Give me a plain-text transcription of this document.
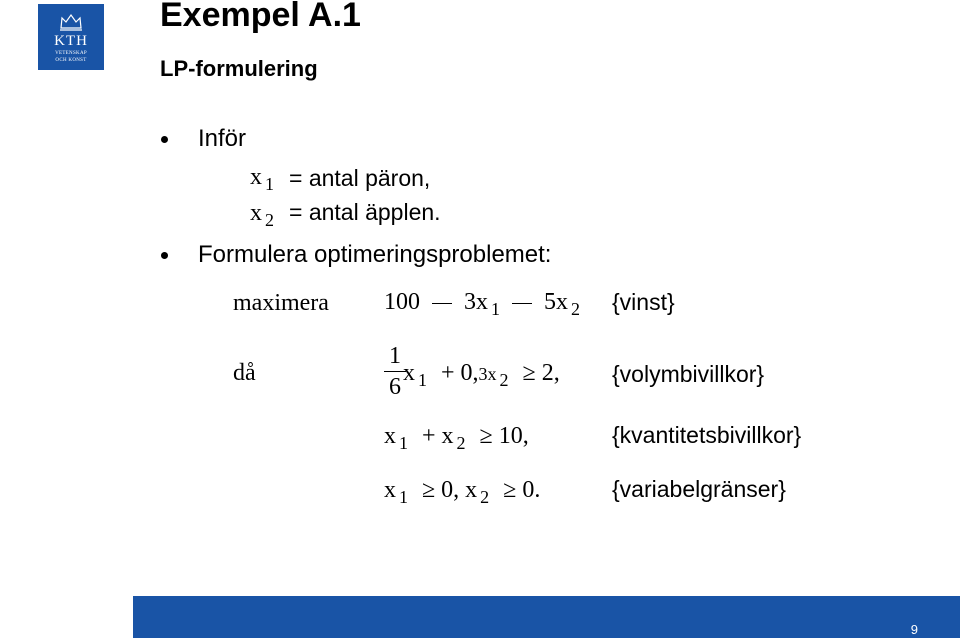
KTH
VETENSKAP
OCH KONST
Exempel A.1
LP-formulering
Inför
x $_1$ = antal päron,
x $_2$ = antal äpplen.
Formulera optimeringsproblemet:
maximera 100 3x $_1$ 5x $_2$ {vinst}
då
1
6
x $_1$ + 0,3x $_2$ ≥ 2, {volymbivillkor}
x $_1$ + x $_2$ ≥ 10,	{kvantitetsbivillkor}
x $_1$ ≥ 0, x $_2$ ≥ 0.	{variabelgränser}
9
